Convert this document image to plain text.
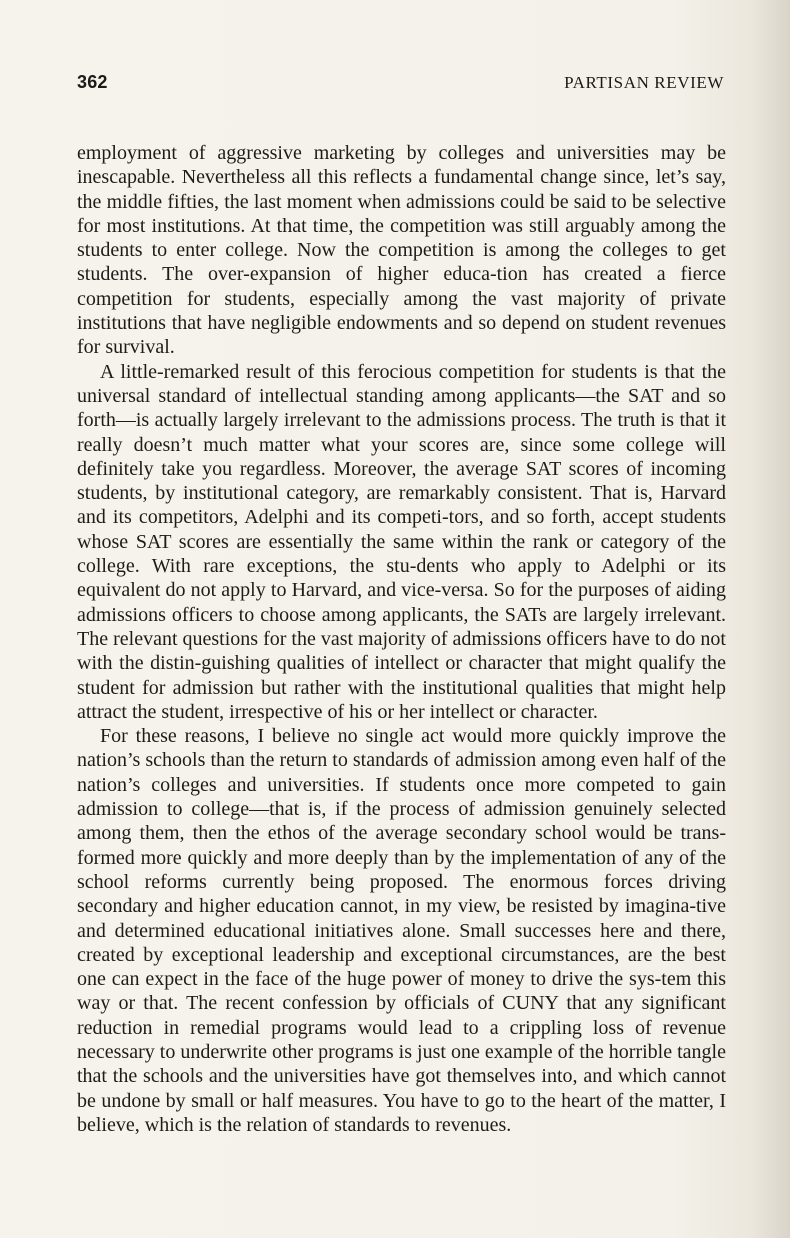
362	PARTISAN REVIEW

employment of aggressive marketing by colleges and universities may be inescapable. Nevertheless all this reflects a fundamental change since, let’s say, the middle fifties, the last moment when admissions could be said to be selective for most institutions. At that time, the competition was still arguably among the students to enter college. Now the competition is among the colleges to get students. The over-expansion of higher educa-tion has created a fierce competition for students, especially among the vast majority of private institutions that have negligible endowments and so depend on student revenues for survival.

A little-remarked result of this ferocious competition for students is that the universal standard of intellectual standing among applicants—the SAT and so forth—is actually largely irrelevant to the admissions process. The truth is that it really doesn’t much matter what your scores are, since some college will definitely take you regardless. Moreover, the average SAT scores of incoming students, by institutional category, are remarkably consistent. That is, Harvard and its competitors, Adelphi and its competi-tors, and so forth, accept students whose SAT scores are essentially the same within the rank or category of the college. With rare exceptions, the stu-dents who apply to Adelphi or its equivalent do not apply to Harvard, and vice-versa. So for the purposes of aiding admissions officers to choose among applicants, the SATs are largely irrelevant. The relevant questions for the vast majority of admissions officers have to do not with the distin-guishing qualities of intellect or character that might qualify the student for admission but rather with the institutional qualities that might help attract the student, irrespective of his or her intellect or character.

For these reasons, I believe no single act would more quickly improve the nation’s schools than the return to standards of admission among even half of the nation’s colleges and universities. If students once more competed to gain admission to college—that is, if the process of admission genuinely selected among them, then the ethos of the average secondary school would be trans-formed more quickly and more deeply than by the implementation of any of the school reforms currently being proposed. The enormous forces driving secondary and higher education cannot, in my view, be resisted by imagina-tive and determined educational initiatives alone. Small successes here and there, created by exceptional leadership and exceptional circumstances, are the best one can expect in the face of the huge power of money to drive the sys-tem this way or that. The recent confession by officials of CUNY that any significant reduction in remedial programs would lead to a crippling loss of revenue necessary to underwrite other programs is just one example of the horrible tangle that the schools and the universities have got themselves into, and which cannot be undone by small or half measures. You have to go to the heart of the matter, I believe, which is the relation of standards to revenues.
